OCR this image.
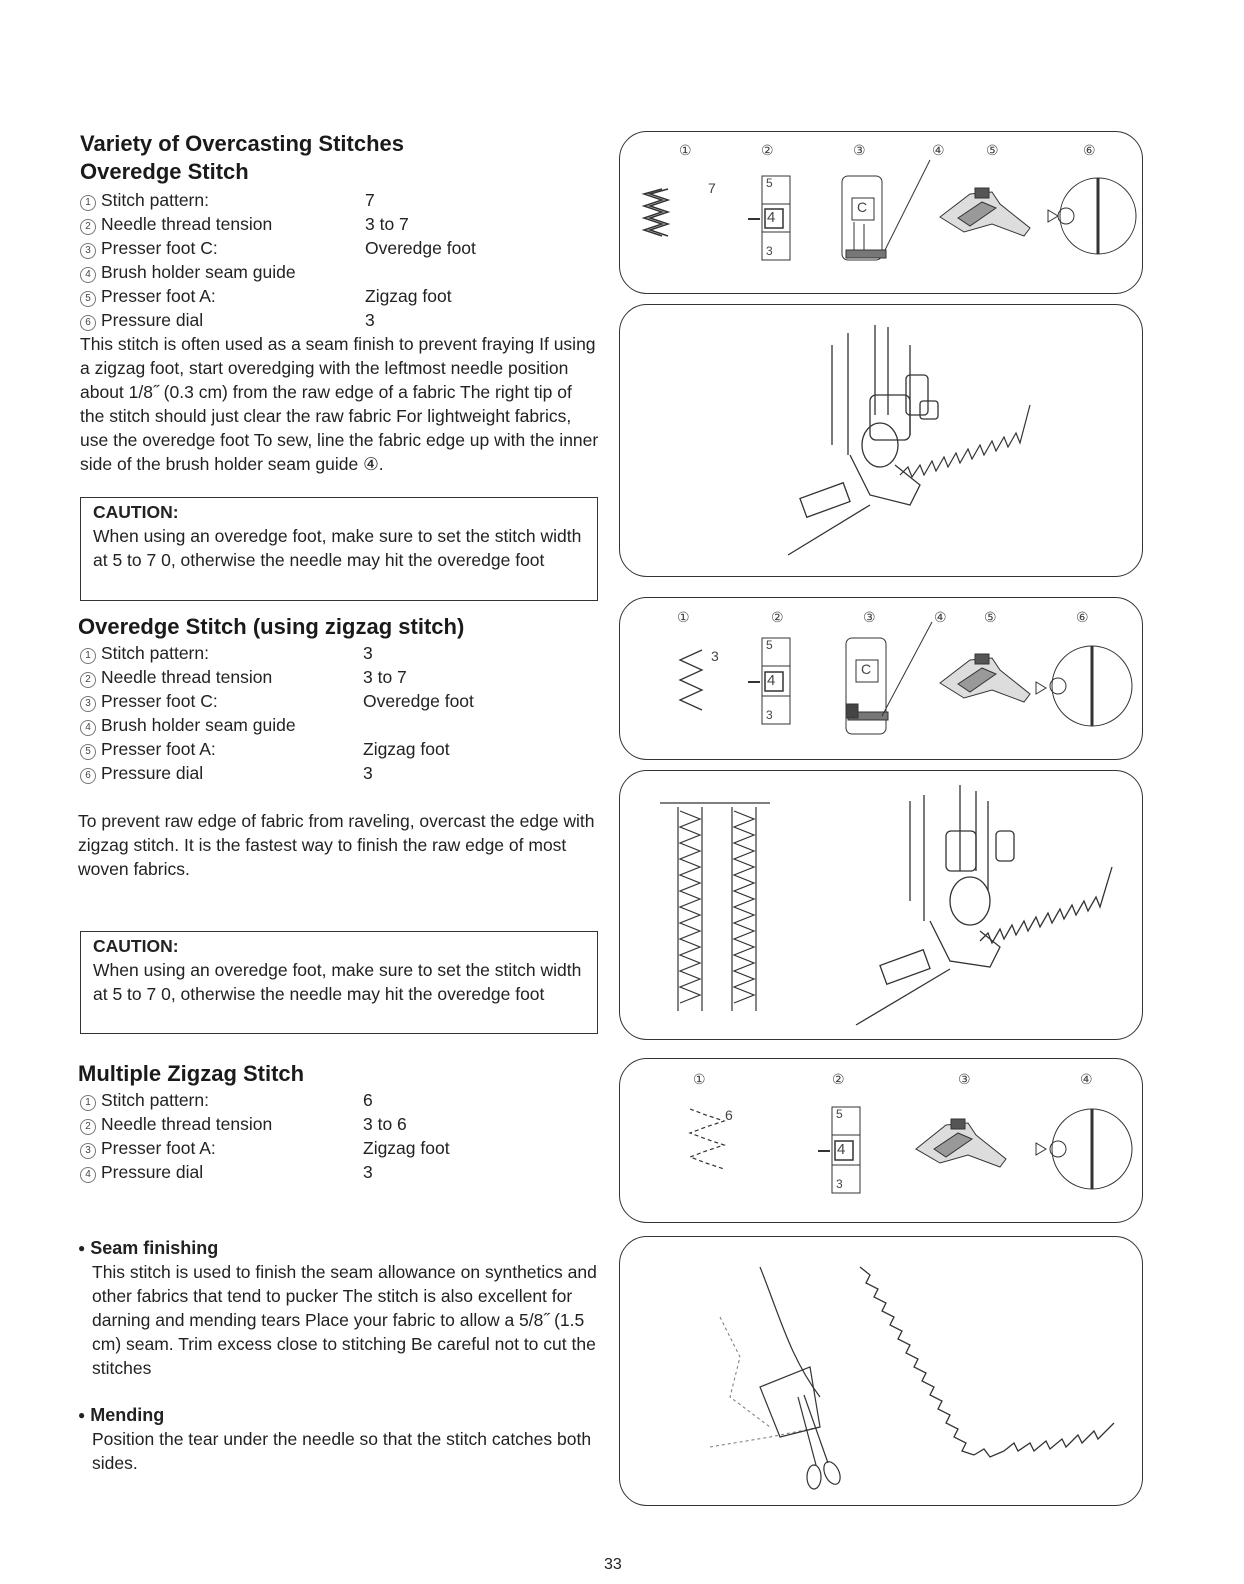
Variety of Overcasting Stitches
Overedge Stitch
1 Stitch pattern:	7
2 Needle thread tension	3 to 7
3 Presser foot C:	Overedge foot
4 Brush holder seam guide
5 Presser foot A:	Zigzag foot
6 Pressure dial	3
This stitch is often used as a seam finish to prevent fraying If using a zigzag foot, start overedging with the leftmost needle position about 1/8˝ (0.3 cm) from the raw edge of a fabric The right tip of the stitch should just clear the raw fabric For lightweight fabrics, use the overedge foot To sew, line the fabric edge up with the inner side of the brush holder seam guide ④.
CAUTION:
When using an overedge foot, make sure to set the stitch width at 5 to 7 0, otherwise the needle may hit the overedge foot
Overedge Stitch (using zigzag stitch)
1 Stitch pattern:	3
2 Needle thread tension	3 to 7
3 Presser foot C:	Overedge foot
4 Brush holder seam guide
5 Presser foot A:	Zigzag foot
6 Pressure dial	3
To prevent raw edge of fabric from raveling, overcast the edge with zigzag stitch. It is the fastest way to finish the raw edge of most woven fabrics.
CAUTION:
When using an overedge foot, make sure to set the stitch width at 5 to 7 0, otherwise the needle may hit the overedge foot
Multiple Zigzag Stitch
1 Stitch pattern:	6
2 Needle thread tension	3 to 6
3 Presser foot A:	Zigzag foot
4 Pressure dial	3
● Seam finishing
This stitch is used to finish the seam allowance on synthetics and other fabrics that tend to pucker The stitch is also excellent for darning and mending tears Place your fabric to allow a 5/8˝ (1.5 cm) seam. Trim excess close to stitching Be careful not to cut the stitches
● Mending
Position the tear under the needle so that the stitch catches both sides.
33
①	②	③	④	⑤	⑥
7	5
4
3
C
①	②	③	④	⑤	⑥
3
5
4
3
C
①	②	③	④
6	5
4
3
